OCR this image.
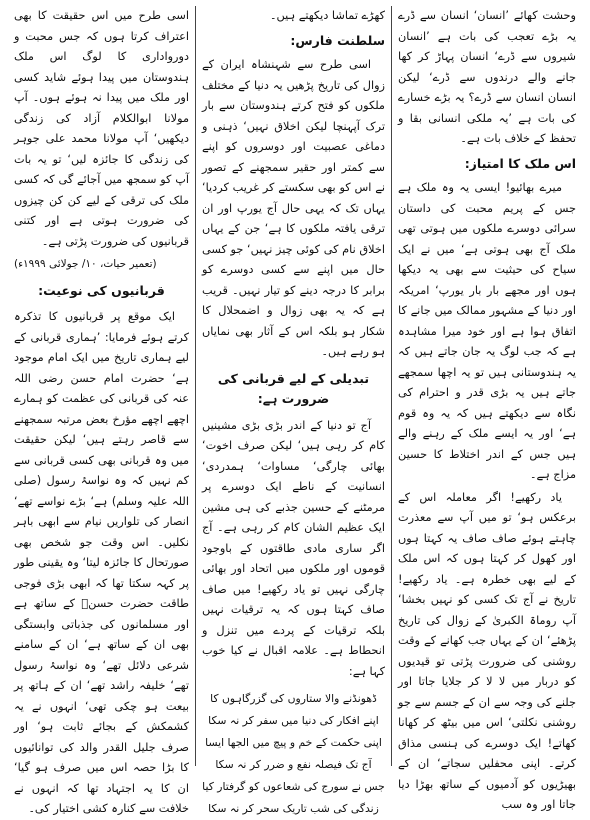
وحشت کھائے ’انسان‘ انسان سے ڈرے یہ بڑے تعجب کی بات ہے ’انسان شیروں سے ڈرے‘ انسان پہاڑ کر کھا جانے والے درندوں سے ڈرے‘ لیکن انسان انسان سے ڈرے؟ یہ بڑے خسارے کی بات ہے ’یہ ملکی انسانی بقا و تحفظ کے خلاف بات ہے۔

اس ملک کا امتیاز:

میرے بھائیو! ایسی یہ وہ ملک ہے جس کے پریم محبت کی داستان سرائی دوسرے ملکوں میں ہوتی تھی ملک آج بھی ہوتی ہے‘ میں نے ایک سیاح کی حیثیت سے بھی یہ دیکھا ہوں اور مجھے بار بار یورپ‘ امریکہ اور دنیا کے مشہور ممالک میں جانے کا اتفاق ہوا ہے اور خود میرا مشاہدہ ہے کہ جب لوگ یہ جان جاتے ہیں کہ یہ ہندوستانی ہیں تو یہ اچھا سمجھے جاتے ہیں یہ بڑی قدر و احترام کی نگاہ سے دیکھتے ہیں کہ یہ وہ قوم ہے‘ اور یہ ایسے ملک کے رہنے والے ہیں جس کے اندر اختلاط کا حسین مزاج ہے۔

یاد رکھیے! اگر معاملہ اس کے برعکس ہو‘ تو میں آپ سے معذرت چاہتے ہوئے صاف صاف یہ کہتا ہوں اور کھول کر کہتا ہوں کہ اس ملک کے لیے بھی خطرہ ہے۔ یاد رکھیے! تاریخ نے آج تک کسی کو نہیں بخشا‘ آپ روماۃ الکبریٰ کے زوال کی تاریخ پڑھئے‘ ان کے یہاں جب کھانے کے وقت روشنی کی ضرورت پڑتی تو قیدیوں کو دربار میں لا لا کر جلایا جاتا اور جلنے کی وجہ سے ان کے جسم سے جو روشنی نکلتی‘ اس میں بیٹھ کر کھانا کھاتے! ایک دوسرے کی ہنسی مذاق کرتے۔ اپنی محفلیں سجاتے‘ ان کے بھیڑیوں کو آدمیوں کے ساتھ بھڑا دیا جاتا اور وہ سب

کھڑے تماشا دیکھتے ہیں۔

سلطنت فارس:

اسی طرح سے شہنشاہ ایران کے زوال کی تاریخ پڑھیں یہ دنیا کے مختلف ملکوں کو فتح کرتے ہندوستان سے بار ترک آپہنچا لیکن اخلاق نہیں‘ ذہنی و دماغی عصبیت اور دوسروں کو اپنے سے کمتر اور حقیر سمجھنے کے تصور نے اس کو بھی سکستے کر غریب کردیا‘ یہاں تک کہ یہی حال آج یورپ اور ان ترقی یافتہ ملکوں کا ہے‘ جن کے یہاں اخلاق نام کی کوئی چیز نہیں‘ جو کسی حال میں اپنے سے کسی دوسرے کو برابر کا درجہ دینے کو تیار نہیں۔ قریب ہے کہ یہ بھی زوال و اضمحلال کا شکار ہو بلکہ اس کے آثار بھی نمایاں ہو رہے ہیں۔

تبدیلی کے لیے قربانی کی ضرورت ہے:

آج تو دنیا کے اندر بڑی بڑی مشینیں کام کر رہی ہیں‘ لیکن صرف اخوت‘ بھائی چارگی‘ مساوات‘ ہمدردی‘ انسانیت کے ناطے ایک دوسرے پر مرمٹنے کے حسین جذبے کی ہی مشین ایک عظیم الشان کام کر رہی ہے۔ آج اگر ساری مادی طاقتوں کے باوجود قوموں اور ملکوں میں اتحاد اور بھائی چارگی نہیں تو یاد رکھیے! میں صاف صاف کہتا ہوں کہ یہ ترقیات نہیں بلکہ ترقیات کے پردے میں تنزل و انحطاط ہے۔ علامہ اقبال نے کیا خوب کہا ہے:

ڈھونڈنے والا ستاروں کی گزرگاہوں کا
اپنے افکار کی دنیا میں سفر کر نہ سکا
اپنی حکمت کے خم و پیچ میں الجھا ایسا
آج تک فیصلہ نفع و ضرر کر نہ سکا
جس نے سورج کی شعاعوں کو گرفتار کیا
زندگی کی شب تاریک سحر کر نہ سکا

اسی طرح میں اس حقیقت کا بھی اعتراف کرتا ہوں کہ جس محبت و دورواداری کا لوگ اس ملک ہندوستان میں پیدا ہوئے شاید کسی اور ملک میں پیدا نہ ہوئے ہوں۔ آپ مولانا ابوالکلام آزاد کی زندگی دیکھیں‘ آپ مولانا محمد علی جوہر کی زندگی کا جائزہ لیں‘ تو یہ بات آپ کو سمجھ میں آجائے گی کہ کسی ملک کی ترقی کے لیے کن کن چیزوں کی ضرورت ہوتی ہے اور کتنی قربانیوں کی ضرورت پڑتی ہے۔

(تعمیر حیات، ۱۰/ جولائی ۱۹۹۹ء)
قربانیوں کی نوعیت:

ایک موقع پر قربانیوں کا تذکرہ کرتے ہوئے فرمایا: ’ہماری قربانی کے لیے ہماری تاریخ میں ایک امام موجود ہے‘ حضرت امام حسن رضی اللہ عنہ کی قربانی کی عظمت کو ہمارے اچھے اچھے مؤرخ بعض مرتبہ سمجھنے سے قاصر رہتے ہیں‘ لیکن حقیقت میں وہ قربانی بھی کسی قربانی سے کم نہیں کہ وہ نواسۂ رسول (صلی اللہ علیہ وسلم) ہے‘ بڑے نواسے تھے‘ انصار کی تلواریں نیام سے ابھی باہر نکلیں۔ اس وقت جو شخص بھی صورتحال کا جائزہ لیتا‘ وہ یقینی طور پر کہہ سکتا تھا کہ ابھی بڑی فوجی طاقت حضرت حسنؓ کے ساتھ ہے اور مسلمانوں کی جذباتی وابستگی بھی ان کے ساتھ ہے‘ ان کے سامنے شرعی دلائل تھے‘ وہ نواسۂ رسول تھے‘ خلیفہ راشد تھے‘ ان کے ہاتھ پر بیعت ہو چکی تھی‘ انہوں نے یہ کشمکش کے بجائے ثابت ہو‘ اور صرف جلیل القدر والد کی توانائیوں کا بڑا حصہ اس میں صرف ہو گیا‘ ان کا یہ اجتہاد تھا کہ انہوں نے خلافت سے کنارہ کشی اختیار کی۔
